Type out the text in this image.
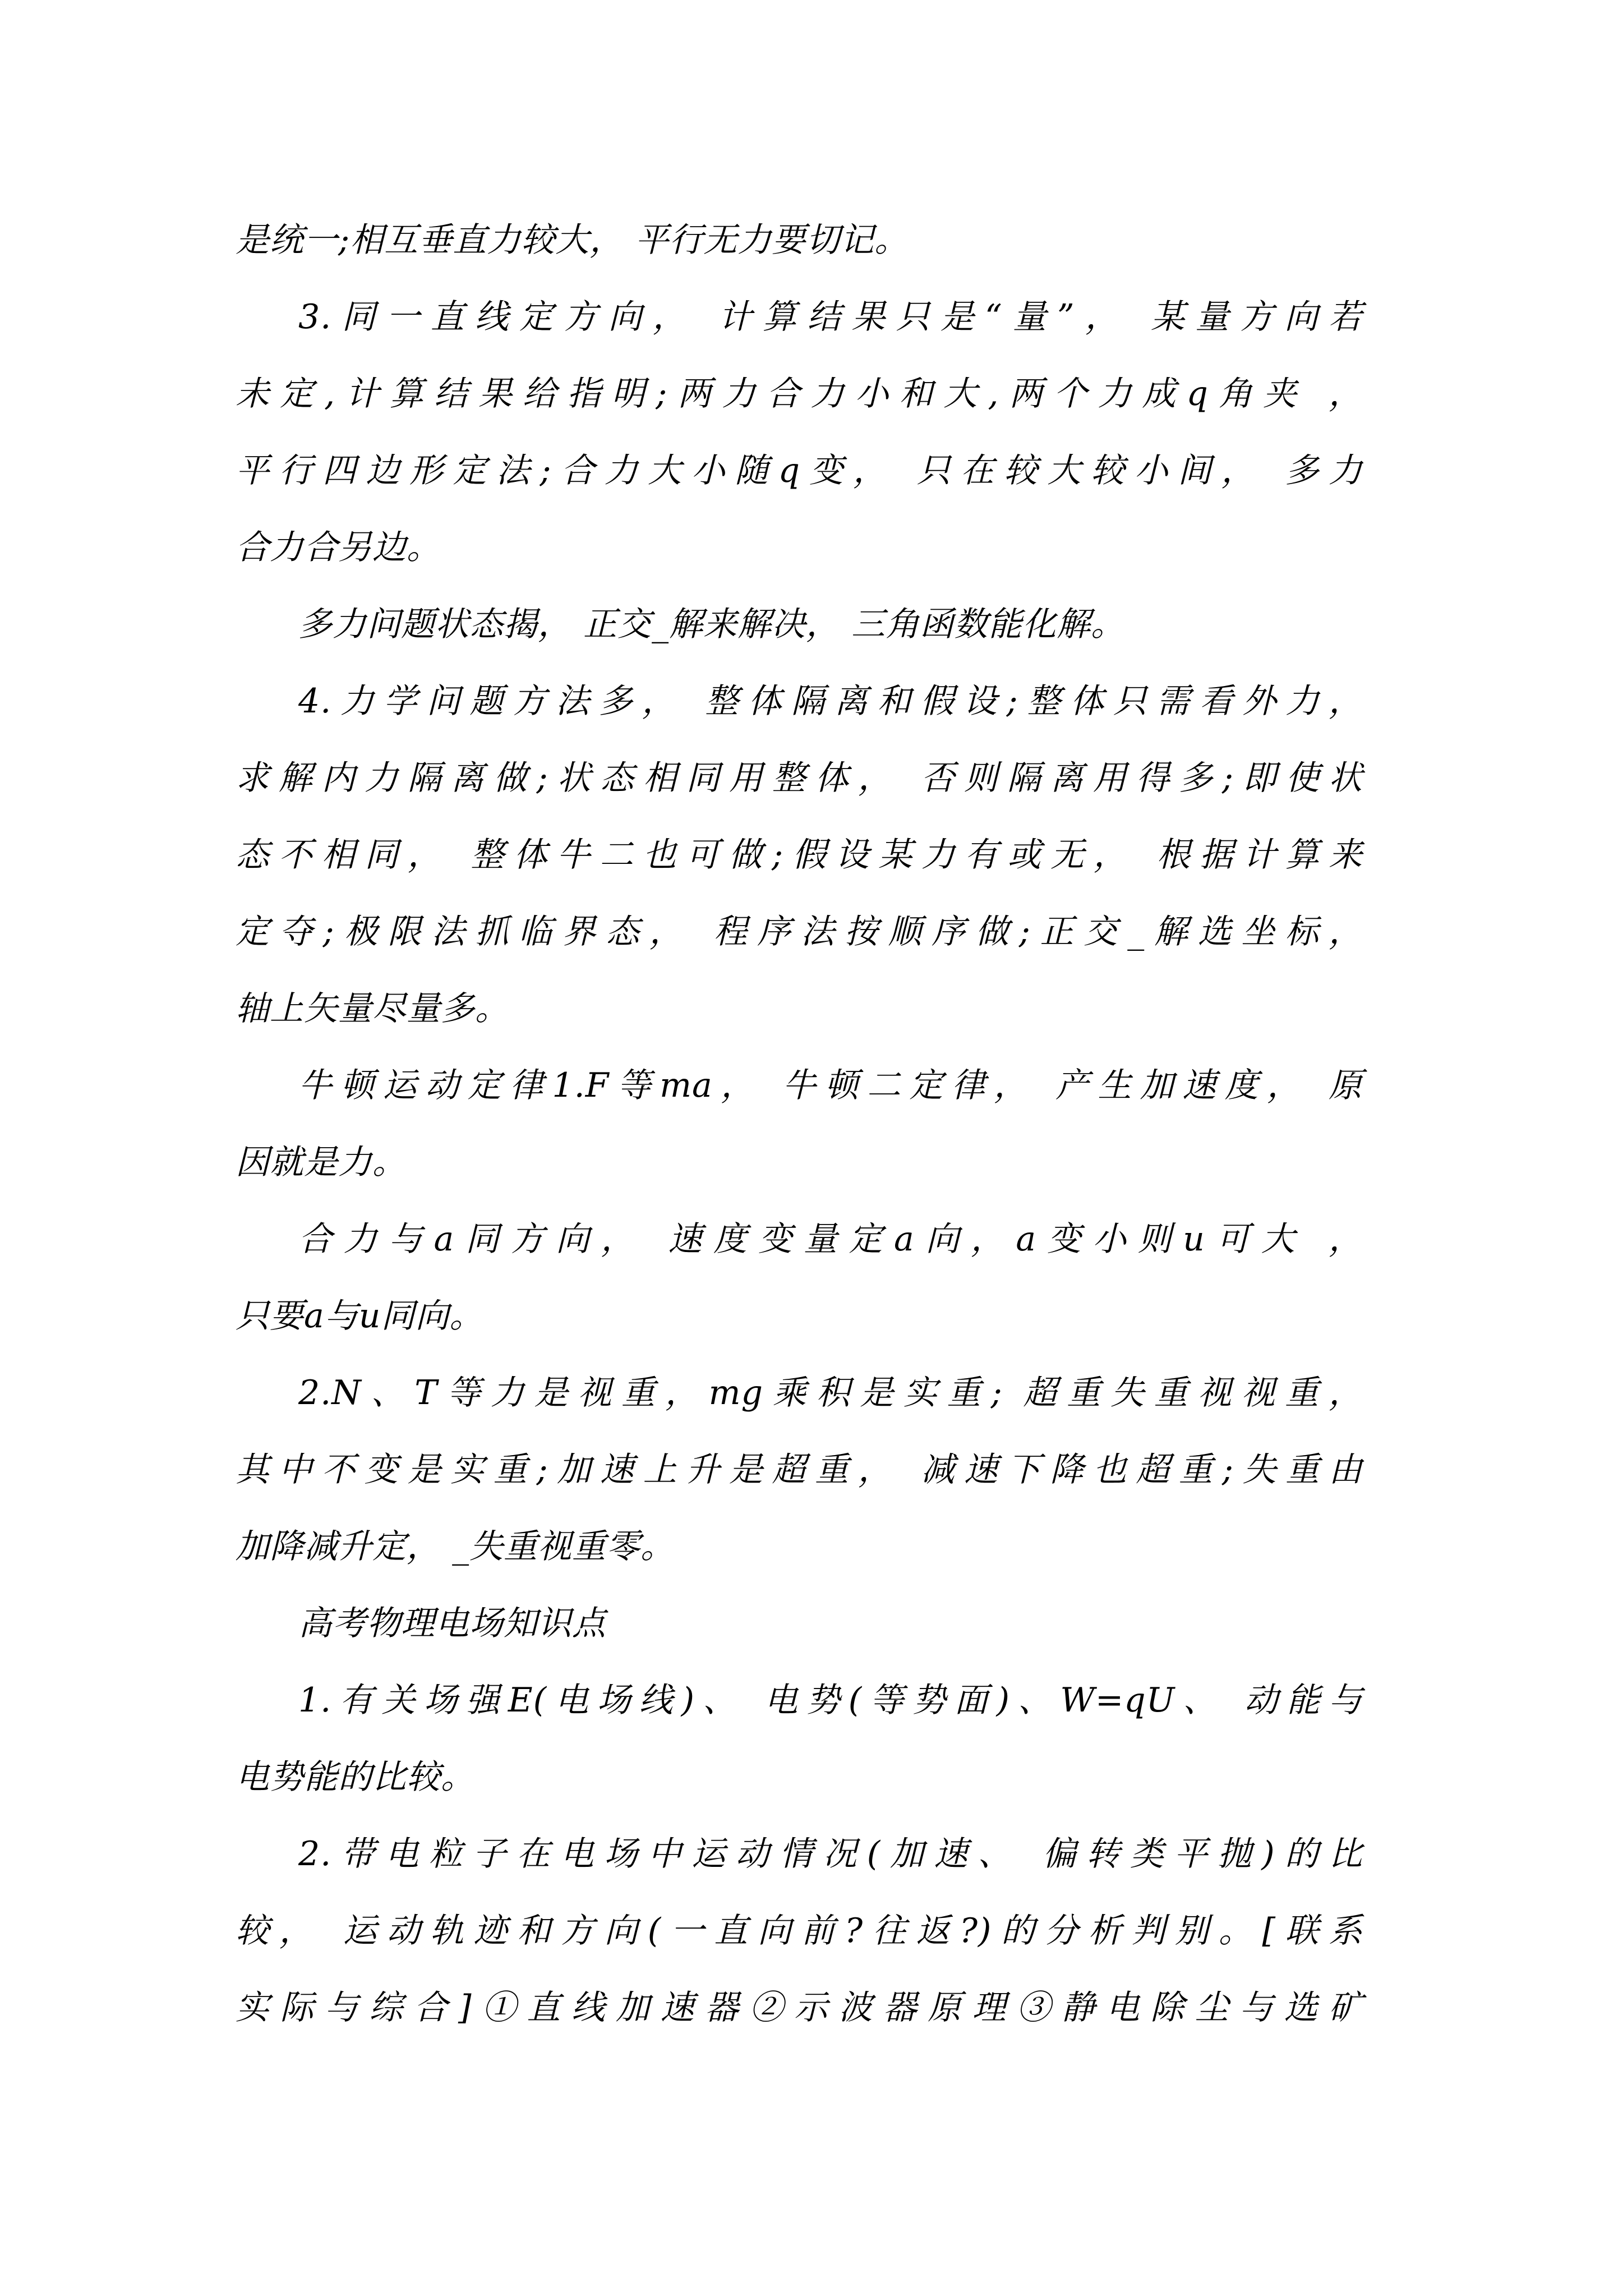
是统一;相互垂直力较大， 平行无力要切记。
3.同一直线定方向， 计算结果只是“量”， 某量方向若
未定,计算结果给指明;两力合力小和大,两个力成q角夹 ，
平行四边形定法;合力大小随q变， 只在较大较小间， 多力
合力合另边。
多力问题状态揭， 正交_解来解决， 三角函数能化解。
4.力学问题方法多， 整体隔离和假设;整体只需看外力，
求解内力隔离做;状态相同用整体， 否则隔离用得多;即使状
态不相同， 整体牛二也可做;假设某力有或无， 根据计算来
定夺;极限法抓临界态， 程序法按顺序做;正交_解选坐标，
轴上矢量尽量多。
牛顿运动定律1.F等ma， 牛顿二定律， 产生加速度， 原
因就是力。
合力与a同方向， 速度变量定a向，a变小则u可大 ，
只要a与u同向。
2.N、T等力是视重，mg乘积是实重; 超重失重视视重，
其中不变是实重;加速上升是超重， 减速下降也超重;失重由
加降减升定， _失重视重零。
高考物理电场知识点
1.有关场强E(电场线)、 电势(等势面)、W=qU、 动能与
电势能的比较。
2.带电粒子在电场中运动情况(加速、 偏转类平抛)的比
较， 运动轨迹和方向(一直向前?往返?)的分析判别。[联系
实际与综合]①直线加速器②示波器原理③静电除尘与选矿
